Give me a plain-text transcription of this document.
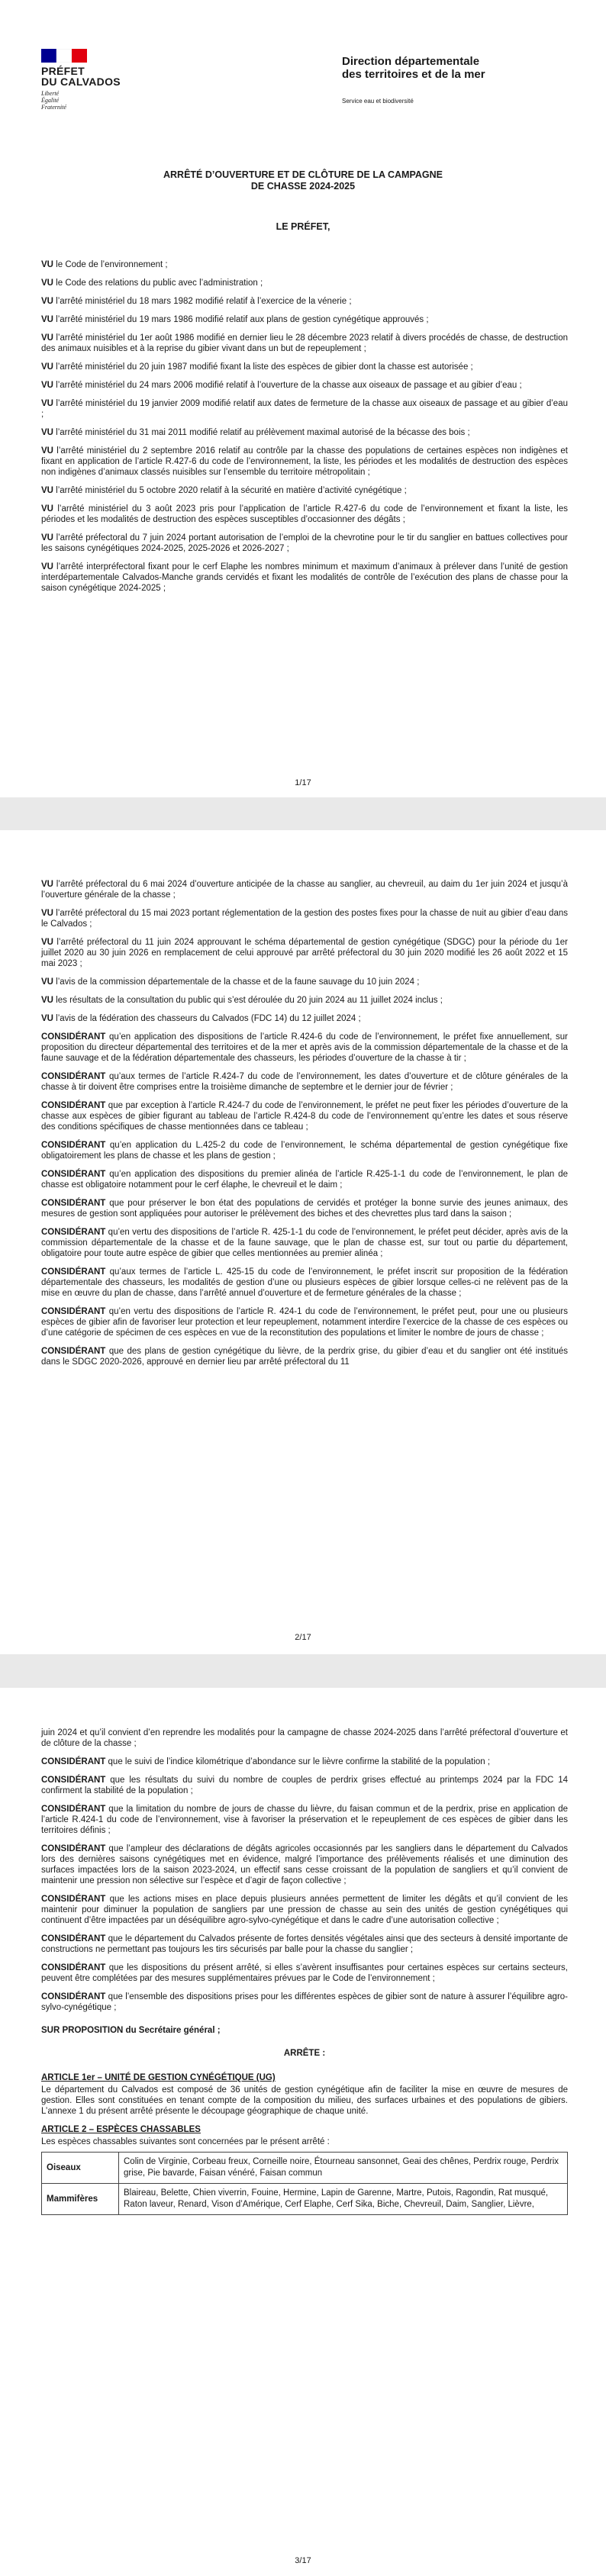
PRÉFET
DU CALVADOS
Liberté
Égalité
Fraternité
Direction départementale
des territoires et de la mer
Service eau et biodiversité
ARRÊTÉ D’OUVERTURE ET DE CLÔTURE DE LA CAMPAGNE
DE CHASSE 2024-2025
LE PRÉFET,
VU le Code de l’environnement ;
VU le Code des relations du public avec l’administration ;
VU l’arrêté ministériel du 18 mars 1982 modifié relatif à l’exercice de la vénerie ;
VU l’arrêté ministériel du 19 mars 1986 modifié relatif aux plans de gestion cynégétique approuvés ;
VU l’arrêté ministériel du 1er août 1986 modifié en dernier lieu le 28 décembre 2023 relatif à divers procédés de chasse, de destruction des animaux nuisibles et à la reprise du gibier vivant dans un but de repeuplement ;
VU l’arrêté ministériel du 20 juin 1987 modifié fixant la liste des espèces de gibier dont la chasse est autorisée ;
VU l’arrêté ministériel du 24 mars 2006 modifié relatif à l’ouverture de la chasse aux oiseaux de passage et au gibier d’eau ;
VU l’arrêté ministériel du 19 janvier 2009 modifié relatif aux dates de fermeture de la chasse aux oiseaux de passage et au gibier d’eau ;
VU l’arrêté ministériel du 31 mai 2011 modifié relatif au prélèvement maximal autorisé de la bécasse des bois ;
VU l’arrêté ministériel du 2 septembre 2016 relatif au contrôle par la chasse des populations de certaines espèces non indigènes et fixant en application de l’article R.427-6 du code de l’environnement, la liste, les périodes et les modalités de destruction des espèces non indigènes d’animaux classés nuisibles sur l’ensemble du territoire métropolitain ;
VU l’arrêté ministériel du 5 octobre 2020 relatif à la sécurité en matière d’activité cynégétique ;
VU l’arrêté ministériel du 3 août 2023 pris pour l’application de l’article R.427-6 du code de l’environnement et fixant la liste, les périodes et les modalités de destruction des espèces susceptibles d’occasionner des dégâts ;
VU l’arrêté préfectoral du 7 juin 2024 portant autorisation de l’emploi de la chevrotine pour le tir du sanglier en battues collectives pour les saisons cynégétiques 2024-2025, 2025-2026 et 2026-2027 ;
VU l’arrêté interpréfectoral fixant pour le cerf Elaphe les nombres minimum et maximum d’animaux à prélever dans l’unité de gestion interdépartementale Calvados-Manche grands cervidés et fixant les modalités de contrôle de l’exécution des plans de chasse pour la saison cynégétique 2024-2025 ;
1/17
VU l’arrêté préfectoral du 6 mai 2024 d’ouverture anticipée de la chasse au sanglier, au chevreuil, au daim du 1er juin 2024 et jusqu’à l’ouverture générale de la chasse ;
VU l’arrêté préfectoral du 15 mai 2023 portant réglementation de la gestion des postes fixes pour la chasse de nuit au gibier d’eau dans le Calvados ;
VU l’arrêté préfectoral du 11 juin 2024 approuvant le schéma départemental de gestion cynégétique (SDGC) pour la période du 1er juillet 2020 au 30 juin 2026 en remplacement de celui approuvé par arrêté préfectoral du 30 juin 2020 modifié les 26 août 2022 et 15 mai 2023 ;
VU l’avis de la commission départementale de la chasse et de la faune sauvage du 10 juin 2024 ;
VU les résultats de la consultation du public qui s’est déroulée du 20 juin 2024 au 11 juillet 2024 inclus ;
VU l’avis de la fédération des chasseurs du Calvados (FDC 14) du 12 juillet 2024 ;
CONSIDÉRANT qu’en application des dispositions de l’article R.424-6 du code de l’environnement, le préfet fixe annuellement, sur proposition du directeur départemental des territoires et de la mer et après avis de la commission départementale de la chasse et de la faune sauvage et de la fédération départementale des chasseurs, les périodes d’ouverture de la chasse à tir ;
CONSIDÉRANT qu’aux termes de l’article R.424-7 du code de l’environnement, les dates d’ouverture et de clôture générales de la chasse à tir doivent être comprises entre la troisième dimanche de septembre et le dernier jour de février ;
CONSIDÉRANT que par exception à l’article R.424-7 du code de l’environnement, le préfet ne peut fixer les périodes d’ouverture de la chasse aux espèces de gibier figurant au tableau de l’article R.424-8 du code de l’environnement qu’entre les dates et sous réserve des conditions spécifiques de chasse mentionnées dans ce tableau ;
CONSIDÉRANT qu’en application du L.425-2 du code de l’environnement, le schéma départemental de gestion cynégétique fixe obligatoirement les plans de chasse et les plans de gestion ;
CONSIDÉRANT qu’en application des dispositions du premier alinéa de l’article R.425-1-1 du code de l’environnement, le plan de chasse est obligatoire notamment pour le cerf élaphe, le chevreuil et le daim ;
CONSIDÉRANT que pour préserver le bon état des populations de cervidés et protéger la bonne survie des jeunes animaux, des mesures de gestion sont appliquées pour autoriser le prélèvement des biches et des chevrettes plus tard dans la saison ;
CONSIDÉRANT qu’en vertu des dispositions de l’article R. 425-1-1 du code de l’environnement, le préfet peut décider, après avis de la commission départementale de la chasse et de la faune sauvage, que le plan de chasse est, sur tout ou partie du département, obligatoire pour toute autre espèce de gibier que celles mentionnées au premier alinéa ;
CONSIDÉRANT qu’aux termes de l’article L. 425-15 du code de l’environnement, le préfet inscrit sur proposition de la fédération départementale des chasseurs, les modalités de gestion d’une ou plusieurs espèces de gibier lorsque celles-ci ne relèvent pas de la mise en œuvre du plan de chasse, dans l’arrêté annuel d’ouverture et de fermeture générales de la chasse ;
CONSIDÉRANT qu’en vertu des dispositions de l’article R. 424-1 du code de l’environnement, le préfet peut, pour une ou plusieurs espèces de gibier afin de favoriser leur protection et leur repeuplement, notamment interdire l’exercice de la chasse de ces espèces ou d’une catégorie de spécimen de ces espèces en vue de la reconstitution des populations et limiter le nombre de jours de chasse ;
CONSIDÉRANT que des plans de gestion cynégétique du lièvre, de la perdrix grise, du gibier d’eau et du sanglier ont été institués dans le SDGC 2020-2026, approuvé en dernier lieu par arrêté préfectoral du 11
2/17
juin 2024 et qu’il convient d’en reprendre les modalités pour la campagne de chasse 2024-2025 dans l’arrêté préfectoral d’ouverture et de clôture de la chasse ;
CONSIDÉRANT que le suivi de l’indice kilométrique d’abondance sur le lièvre confirme la stabilité de la population ;
CONSIDÉRANT que les résultats du suivi du nombre de couples de perdrix grises effectué au printemps 2024 par la FDC 14 confirment la stabilité de la population ;
CONSIDÉRANT que la limitation du nombre de jours de chasse du lièvre, du faisan commun et de la perdrix, prise en application de l’article R.424-1 du code de l’environnement, vise à favoriser la préservation et le repeuplement de ces espèces de gibier dans les territoires définis ;
CONSIDÉRANT que l’ampleur des déclarations de dégâts agricoles occasionnés par les sangliers dans le département du Calvados lors des dernières saisons cynégétiques met en évidence, malgré l’importance des prélèvements réalisés et une diminution des surfaces impactées lors de la saison 2023-2024, un effectif sans cesse croissant de la population de sangliers et qu’il convient de maintenir une pression non sélective sur l’espèce et d’agir de façon collective ;
CONSIDÉRANT que les actions mises en place depuis plusieurs années permettent de limiter les dégâts et qu’il convient de les maintenir pour diminuer la population de sangliers par une pression de chasse au sein des unités de gestion cynégétiques qui continuent d’être impactées par un déséquilibre agro-sylvo-cynégétique et dans le cadre d’une autorisation collective ;
CONSIDÉRANT que le département du Calvados présente de fortes densités végétales ainsi que des secteurs à densité importante de constructions ne permettant pas toujours les tirs sécurisés par balle pour la chasse du sanglier ;
CONSIDÉRANT que les dispositions du présent arrêté, si elles s’avèrent insuffisantes pour certaines espèces sur certains secteurs, peuvent être complétées par des mesures supplémentaires prévues par le Code de l’environnement ;
CONSIDÉRANT que l’ensemble des dispositions prises pour les différentes espèces de gibier sont de nature à assurer l’équilibre agro-sylvo-cynégétique ;
SUR PROPOSITION du Secrétaire général ;
ARRÊTE :
ARTICLE 1er – UNITÉ DE GESTION CYNÉGÉTIQUE (UG)
Le département du Calvados est composé de 36 unités de gestion cynégétique afin de faciliter la mise en œuvre de mesures de gestion. Elles sont constituées en tenant compte de la composition du milieu, des surfaces urbaines et des populations de gibiers. L’annexe 1 du présent arrêté présente le découpage géographique de chaque unité.
ARTICLE 2 – ESPÈCES CHASSABLES
Les espèces chassables suivantes sont concernées par le présent arrêté :
Oiseaux	Colin de Virginie, Corbeau freux, Corneille noire, Étourneau sansonnet, Geai des chênes, Perdrix rouge, Perdrix grise, Pie bavarde, Faisan vénéré, Faisan commun
Mammifères	Blaireau, Belette, Chien viverrin, Fouine, Hermine, Lapin de Garenne, Martre, Putois, Ragondin, Rat musqué, Raton laveur, Renard, Vison d’Amérique, Cerf Elaphe, Cerf Sika, Biche, Chevreuil, Daim, Sanglier, Lièvre,
3/17
